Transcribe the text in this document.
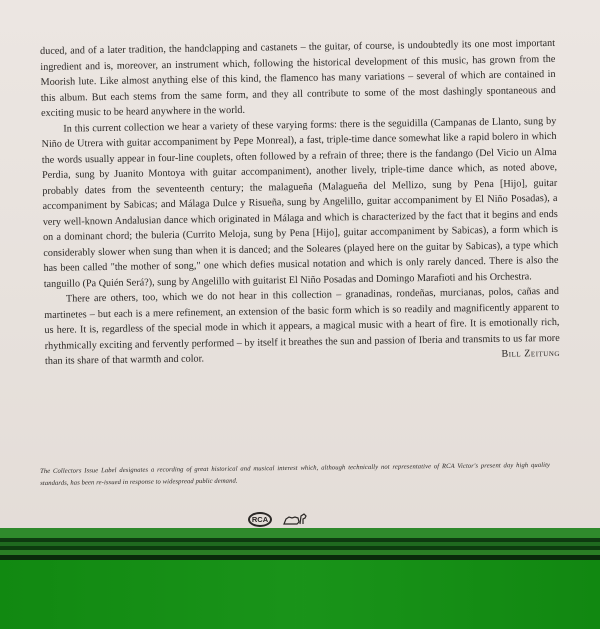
duced, and of a later tradition, the handclapping and castanets – the guitar, of course, is undoubtedly its one most important ingredient and is, moreover, an instrument which, following the historical development of this music, has grown from the Moorish lute. Like almost anything else of this kind, the flamenco has many variations – several of which are contained in this album. But each stems from the same form, and they all contribute to some of the most dashingly spontaneous and exciting music to be heard anywhere in the world.

In this current collection we hear a variety of these varying forms: there is the seguidilla (Campanas de Llanto, sung by Niño de Utrera with guitar accompaniment by Pepe Monreal), a fast, triple-time dance somewhat like a rapid bolero in which the words usually appear in four-line couplets, often followed by a refrain of three; there is the fandango (Del Vicio un Alma Perdia, sung by Juanito Montoya with guitar accompaniment), another lively, triple-time dance which, as noted above, probably dates from the seventeenth century; the malagueña (Malagueña del Mellizo, sung by Pena [Hijo], guitar accompaniment by Sabicas; and Málaga Dulce y Risueña, sung by Angelillo, guitar accompaniment by El Niño Posadas), a very well-known Andalusian dance which originated in Málaga and which is characterized by the fact that it begins and ends on a dominant chord; the buleria (Currito Meloja, sung by Pena [Hijo], guitar accompaniment by Sabicas), a form which is considerably slower when sung than when it is danced; and the Soleares (played here on the guitar by Sabicas), a type which has been called "the mother of song," one which defies musical notation and which is only rarely danced. There is also the tanguillo (Pa Quién Será?), sung by Angelillo with guitarist El Niño Posadas and Domingo Marafioti and his Orchestra.

There are others, too, which we do not hear in this collection – granadinas, rondeñas, murcianas, polos, cañas and martinetes – but each is a mere refinement, an extension of the basic form which is so readily and magnificently apparent to us here. It is, regardless of the special mode in which it appears, a magical music with a heart of fire. It is emotionally rich, rhythmically exciting and fervently performed – by itself it breathes the sun and passion of Iberia and transmits to us far more than its share of that warmth and color.	Bill Zeitung
The Collectors Issue Label designates a recording of great historical and musical interest which, although technically not representative of RCA Victor's present day high quality standards, has been re-issued in response to widespread public demand.
RCA
